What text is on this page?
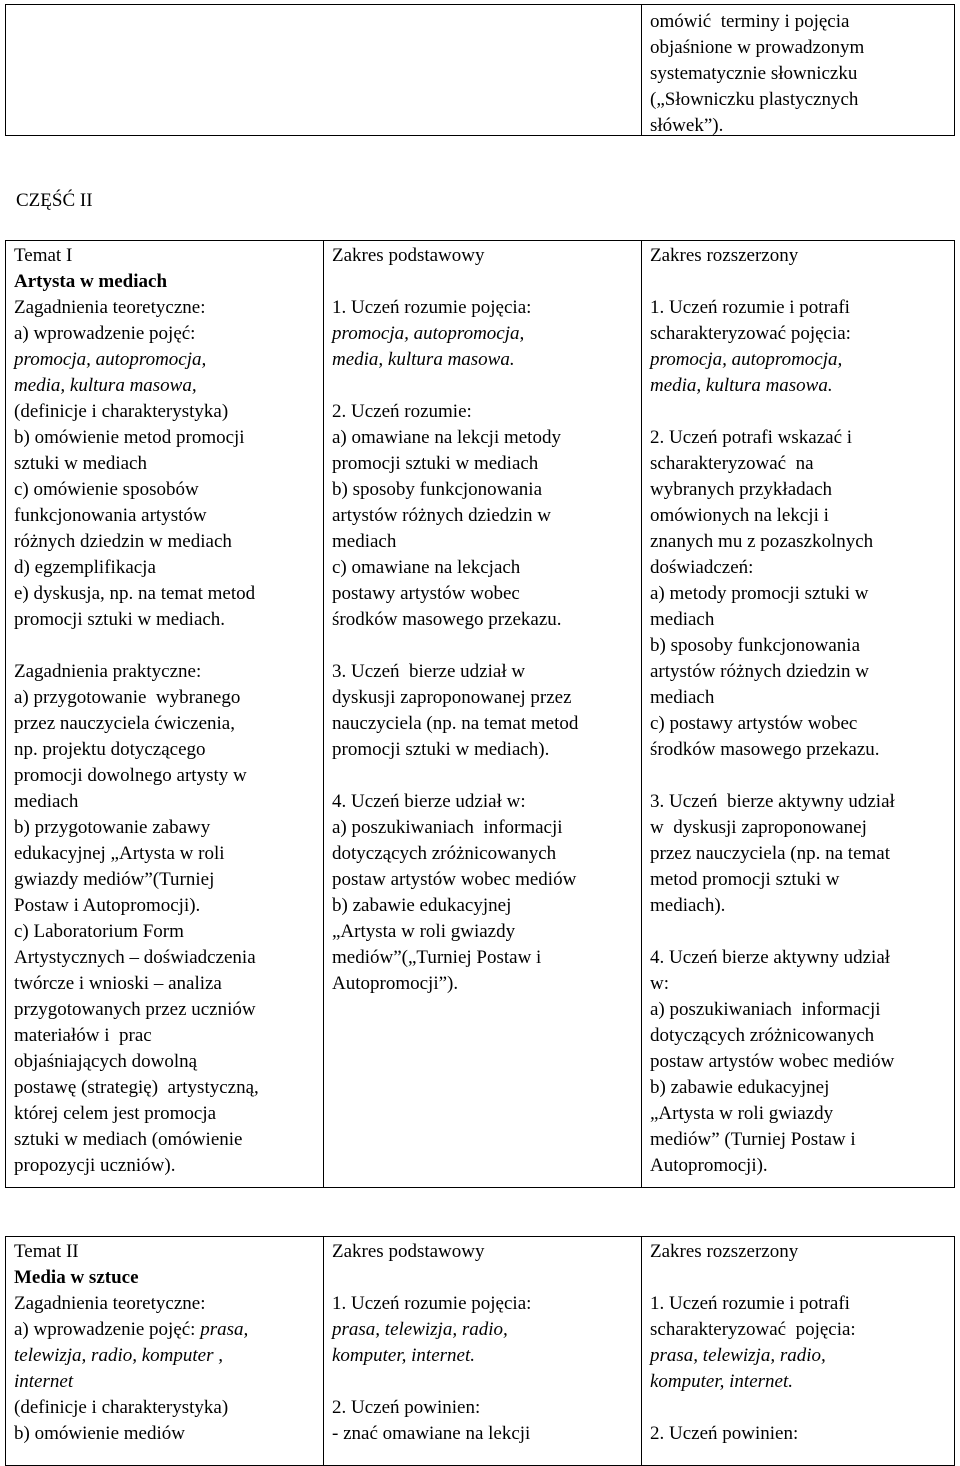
omówić  terminy i pojęcia
objaśnione w prowadzonym
systematycznie słowniczku
(„Słowniczku plastycznych
słówek”).
CZĘŚĆ II
Temat I
Artysta w mediach
Zagadnienia teoretyczne:
a) wprowadzenie pojęć:
promocja, autopromocja,
media, kultura masowa,
(definicje i charakterystyka)
b) omówienie metod promocji
sztuki w mediach
c) omówienie sposobów
funkcjonowania artystów
różnych dziedzin w mediach
d) egzemplifikacja
e) dyskusja, np. na temat metod
promocji sztuki w mediach.
Zagadnienia praktyczne:
a) przygotowanie  wybranego
przez nauczyciela ćwiczenia,
np. projektu dotyczącego
promocji dowolnego artysty w
mediach
b) przygotowanie zabawy
edukacyjnej „Artysta w roli
gwiazdy mediów”(Turniej
Postaw i Autopromocji).
c) Laboratorium Form
Artystycznych – doświadczenia
twórcze i wnioski – analiza
przygotowanych przez uczniów
materiałów i  prac
objaśniających dowolną
postawę (strategię)  artystyczną,
której celem jest promocja
sztuki w mediach (omówienie
propozycji uczniów).
Zakres podstawowy
1. Uczeń rozumie pojęcia:
promocja, autopromocja,
media, kultura masowa.
2. Uczeń rozumie:
a) omawiane na lekcji metody
promocji sztuki w mediach
b) sposoby funkcjonowania
artystów różnych dziedzin w
mediach
c) omawiane na lekcjach
postawy artystów wobec
środków masowego przekazu.
3. Uczeń  bierze udział w
dyskusji zaproponowanej przez
nauczyciela (np. na temat metod
promocji sztuki w mediach).
4. Uczeń bierze udział w:
a) poszukiwaniach  informacji
dotyczących zróżnicowanych
postaw artystów wobec mediów
b) zabawie edukacyjnej
„Artysta w roli gwiazdy
mediów”(„Turniej Postaw i
Autopromocji”).
Zakres rozszerzony
1. Uczeń rozumie i potrafi
scharakteryzować pojęcia:
promocja, autopromocja,
media, kultura masowa.
2. Uczeń potrafi wskazać i
scharakteryzować  na
wybranych przykładach
omówionych na lekcji i
znanych mu z pozaszkolnych
doświadczeń:
a) metody promocji sztuki w
mediach
b) sposoby funkcjonowania
artystów różnych dziedzin w
mediach
c) postawy artystów wobec
środków masowego przekazu.
3. Uczeń  bierze aktywny udział
w  dyskusji zaproponowanej
przez nauczyciela (np. na temat
metod promocji sztuki w
mediach).
4. Uczeń bierze aktywny udział
w:
a) poszukiwaniach  informacji
dotyczących zróżnicowanych
postaw artystów wobec mediów
b) zabawie edukacyjnej
„Artysta w roli gwiazdy
mediów” (Turniej Postaw i
Autopromocji).
Temat II
Media w sztuce
Zagadnienia teoretyczne:
a) wprowadzenie pojęć: prasa,
telewizja, radio, komputer ,
internet
(definicje i charakterystyka)
b) omówienie mediów
Zakres podstawowy
1. Uczeń rozumie pojęcia:
prasa, telewizja, radio,
komputer, internet.
2. Uczeń powinien:
- znać omawiane na lekcji
Zakres rozszerzony
1. Uczeń rozumie i potrafi
scharakteryzować  pojęcia:
prasa, telewizja, radio,
komputer, internet.
2. Uczeń powinien:
